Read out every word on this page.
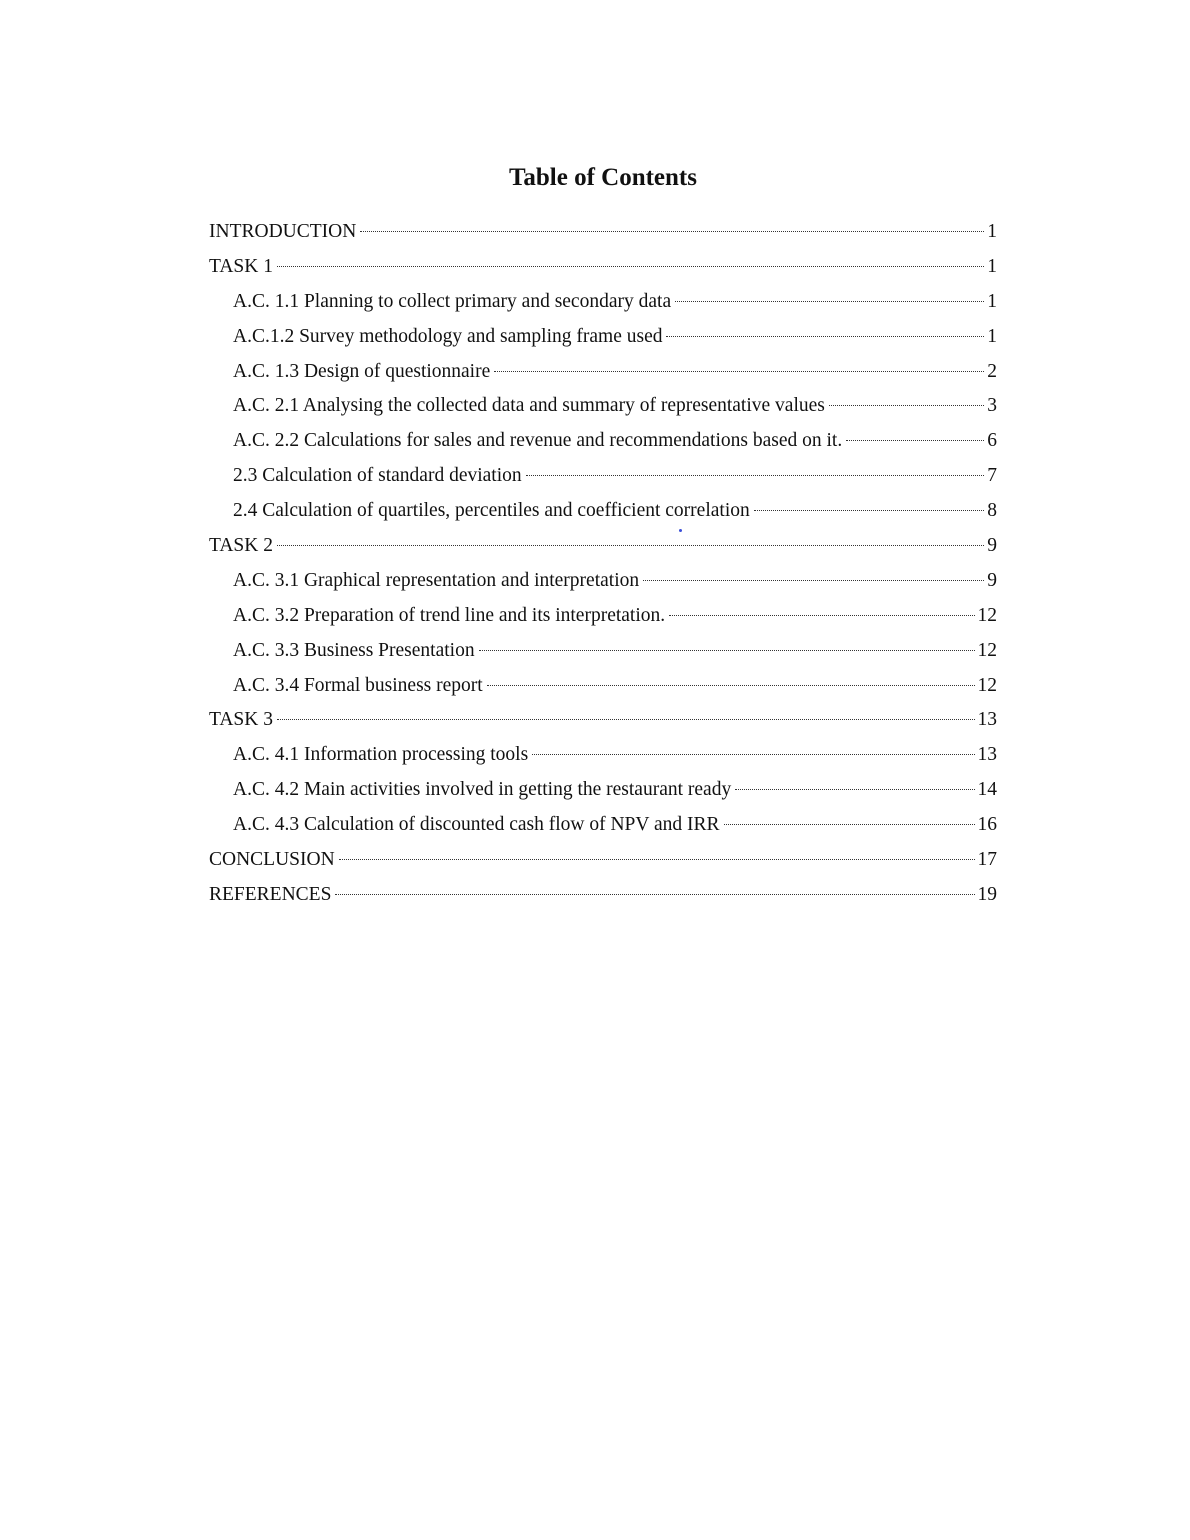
Table of Contents
INTRODUCTION	1
TASK 1	1
A.C. 1.1 Planning to collect primary and secondary data	1
A.C.1.2 Survey methodology and sampling frame used	1
A.C. 1.3 Design of questionnaire	2
A.C. 2.1 Analysing the collected data and summary of representative values	3
A.C. 2.2 Calculations for sales and revenue and recommendations based on it.	6
2.3 Calculation of standard deviation	7
2.4 Calculation of quartiles, percentiles and coefficient correlation	8
TASK 2	9
A.C. 3.1 Graphical representation and interpretation	9
A.C. 3.2 Preparation of trend line and its interpretation.	12
A.C. 3.3 Business Presentation	12
A.C. 3.4 Formal business report	12
TASK 3	13
A.C. 4.1 Information processing tools	13
A.C. 4.2 Main activities involved in getting the restaurant ready	14
A.C. 4.3 Calculation of discounted cash flow of NPV and IRR	16
CONCLUSION	17
REFERENCES	19
